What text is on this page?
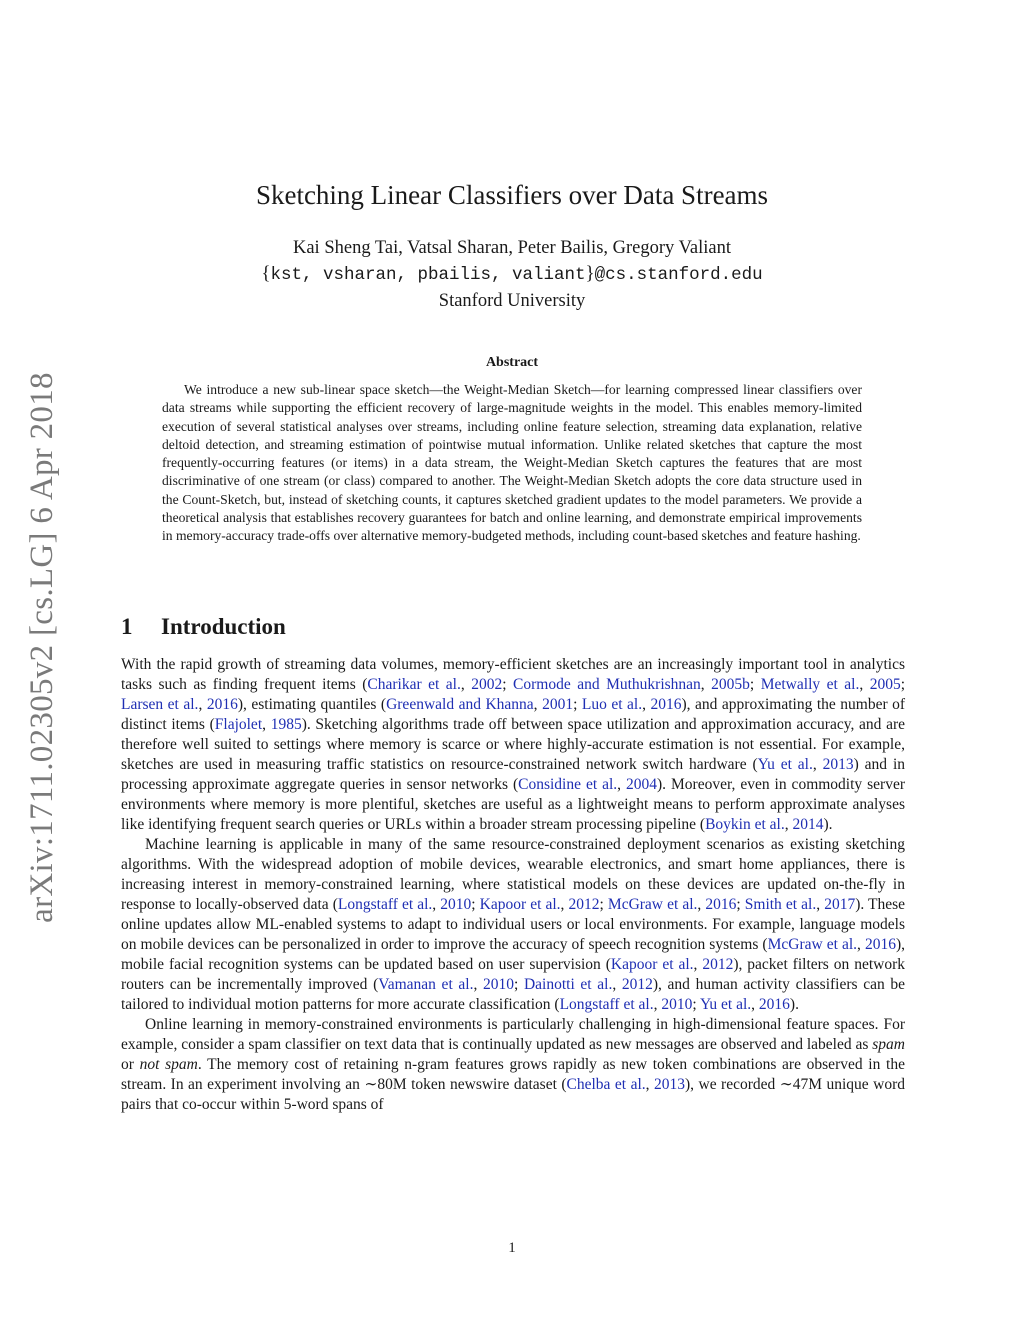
arXiv:1711.02305v2 [cs.LG] 6 Apr 2018
Sketching Linear Classifiers over Data Streams
Kai Sheng Tai, Vatsal Sharan, Peter Bailis, Gregory Valiant
{kst, vsharan, pbailis, valiant}@cs.stanford.edu
Stanford University
Abstract

We introduce a new sub-linear space sketch—the Weight-Median Sketch—for learning compressed linear classifiers over data streams while supporting the efficient recovery of large-magnitude weights in the model. This enables memory-limited execution of several statistical analyses over streams, including online feature selection, streaming data explanation, relative deltoid detection, and streaming estimation of pointwise mutual information. Unlike related sketches that capture the most frequently-occurring features (or items) in a data stream, the Weight-Median Sketch captures the features that are most discriminative of one stream (or class) compared to another. The Weight-Median Sketch adopts the core data structure used in the Count-Sketch, but, instead of sketching counts, it captures sketched gradient updates to the model parameters. We provide a theoretical analysis that establishes recovery guarantees for batch and online learning, and demonstrate empirical improvements in memory-accuracy trade-offs over alternative memory-budgeted methods, including count-based sketches and feature hashing.

1 Introduction

With the rapid growth of streaming data volumes, memory-efficient sketches are an increasingly important tool in analytics tasks such as finding frequent items (Charikar et al., 2002; Cormode and Muthukrishnan, 2005b; Metwally et al., 2005; Larsen et al., 2016), estimating quantiles (Greenwald and Khanna, 2001; Luo et al., 2016), and approximating the number of distinct items (Flajolet, 1985). Sketching algorithms trade off between space utilization and approximation accuracy, and are therefore well suited to settings where memory is scarce or where highly-accurate estimation is not essential. For example, sketches are used in measuring traffic statistics on resource-constrained network switch hardware (Yu et al., 2013) and in processing approximate aggregate queries in sensor networks (Considine et al., 2004). Moreover, even in commodity server environments where memory is more plentiful, sketches are useful as a lightweight means to perform approximate analyses like identifying frequent search queries or URLs within a broader stream processing pipeline (Boykin et al., 2014).

Machine learning is applicable in many of the same resource-constrained deployment scenarios as existing sketching algorithms. With the widespread adoption of mobile devices, wearable electronics, and smart home appliances, there is increasing interest in memory-constrained learning, where statistical models on these devices are updated on-the-fly in response to locally-observed data (Longstaff et al., 2010; Kapoor et al., 2012; McGraw et al., 2016; Smith et al., 2017). These online updates allow ML-enabled systems to adapt to individual users or local environments. For example, language models on mobile devices can be personalized in order to improve the accuracy of speech recognition systems (McGraw et al., 2016), mobile facial recognition systems can be updated based on user supervision (Kapoor et al., 2012), packet filters on network routers can be incrementally improved (Vamanan et al., 2010; Dainotti et al., 2012), and human activity classifiers can be tailored to individual motion patterns for more accurate classification (Longstaff et al., 2010; Yu et al., 2016).

Online learning in memory-constrained environments is particularly challenging in high-dimensional feature spaces. For example, consider a spam classifier on text data that is continually updated as new messages are observed and labeled as spam or not spam. The memory cost of retaining n-gram features grows rapidly as new token combinations are observed in the stream. In an experiment involving an ∼80M token newswire dataset (Chelba et al., 2013), we recorded ∼47M unique word pairs that co-occur within 5-word spans of

1
